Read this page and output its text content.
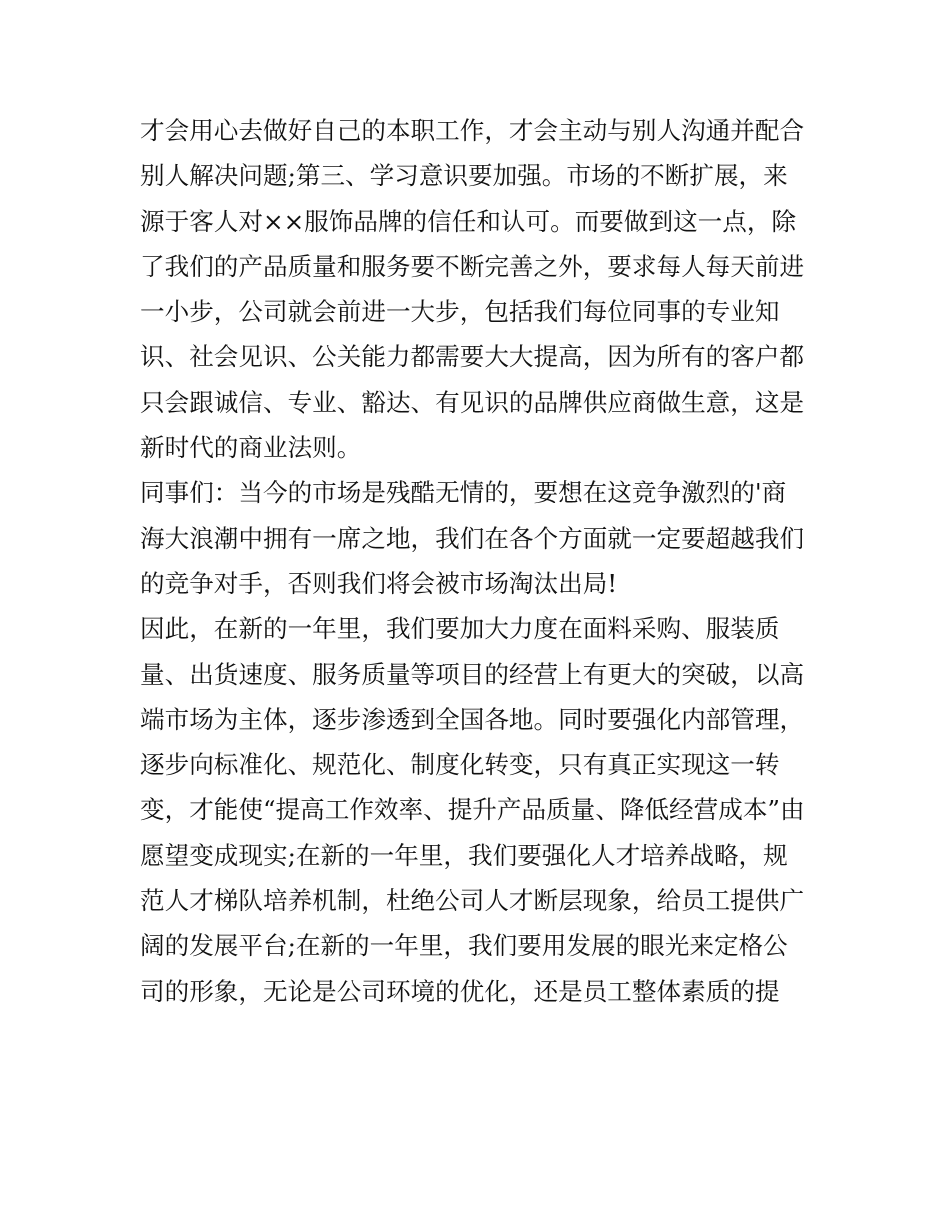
才会用心去做好自己的本职工作，才会主动与别人沟通并配合
别人解决问题;第三、学习意识要加强。市场的不断扩展，来
源于客人对××服饰品牌的信任和认可。而要做到这一点，除
了我们的产品质量和服务要不断完善之外，要求每人每天前进
一小步，公司就会前进一大步，包括我们每位同事的专业知
识、社会见识、公关能力都需要大大提高，因为所有的客户都
只会跟诚信、专业、豁达、有见识的品牌供应商做生意，这是
新时代的商业法则。
同事们：当今的市场是残酷无情的，要想在这竞争激烈的'商
海大浪潮中拥有一席之地，我们在各个方面就一定要超越我们
的竞争对手，否则我们将会被市场淘汰出局!
因此，在新的一年里，我们要加大力度在面料采购、服装质
量、出货速度、服务质量等项目的经营上有更大的突破，以高
端市场为主体，逐步渗透到全国各地。同时要强化内部管理，
逐步向标准化、规范化、制度化转变，只有真正实现这一转
变，才能使“提高工作效率、提升产品质量、降低经营成本”由
愿望变成现实;在新的一年里，我们要强化人才培养战略，规
范人才梯队培养机制，杜绝公司人才断层现象，给员工提供广
阔的发展平台;在新的一年里，我们要用发展的眼光来定格公
司的形象，无论是公司环境的优化，还是员工整体素质的提
